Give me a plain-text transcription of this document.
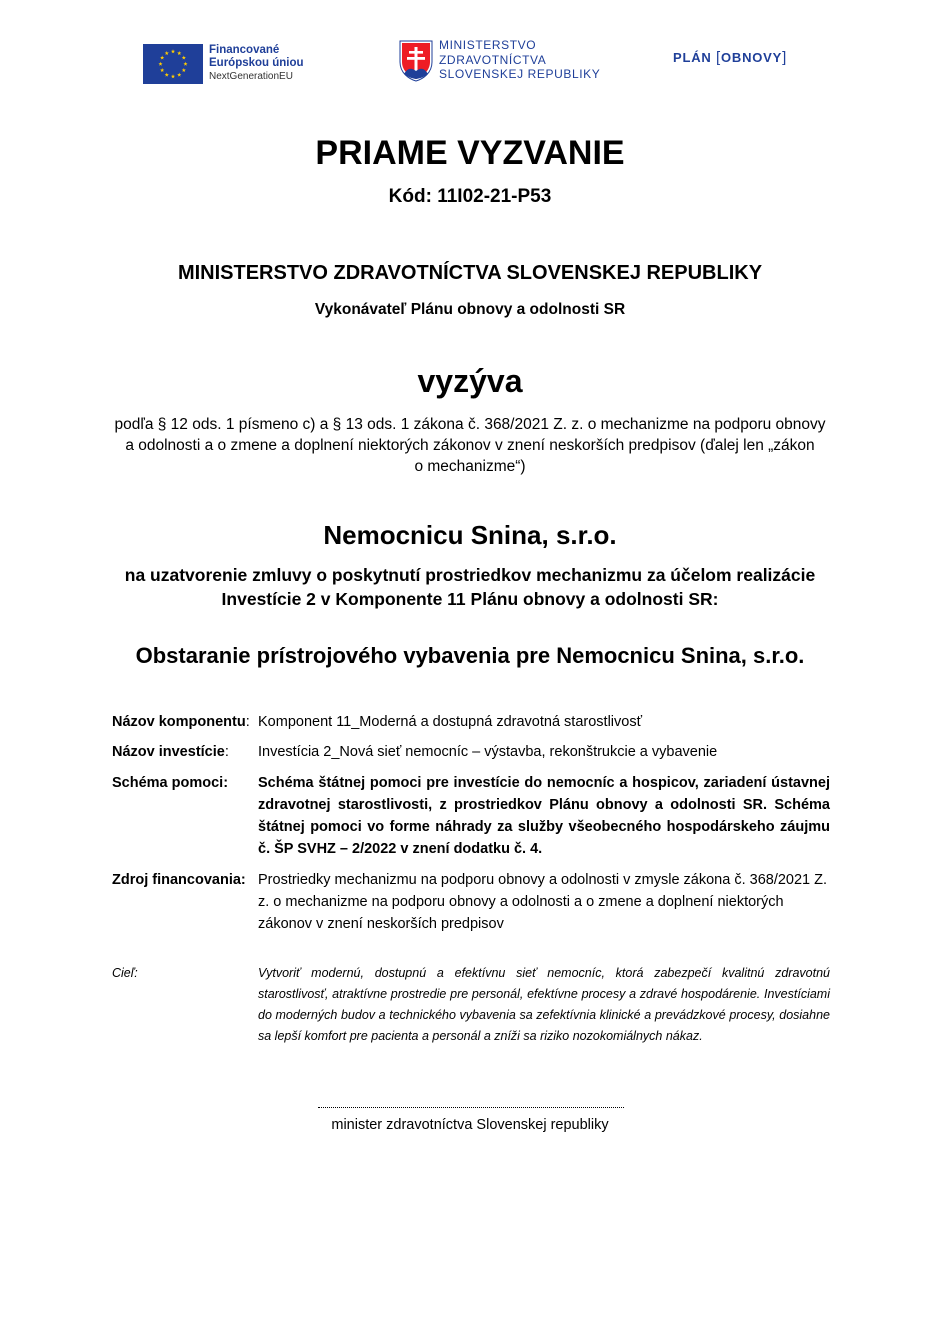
Financované
Európskou úniou
NextGenerationEU
MINISTERSTVO
ZDRAVOTNÍCTVA
SLOVENSKEJ REPUBLIKY
PLÁN [OBNOVY]
PRIAME VYZVANIE
Kód: 11I02-21-P53
MINISTERSTVO ZDRAVOTNÍCTVA SLOVENSKEJ REPUBLIKY
Vykonávateľ Plánu obnovy a odolnosti SR
vyzýva
podľa § 12 ods. 1 písmeno c) a § 13 ods. 1 zákona č. 368/2021 Z. z. o mechanizme na podporu obnovy
a odolnosti a o zmene a doplnení niektorých zákonov v znení neskorších predpisov (ďalej len „zákon
o mechanizme“)
Nemocnicu Snina, s.r.o.
na uzatvorenie zmluvy o poskytnutí prostriedkov mechanizmu za účelom realizácie
Investície 2 v Komponente 11 Plánu obnovy a odolnosti SR:
Obstaranie prístrojového vybavenia pre Nemocnicu Snina, s.r.o.
Názov komponentu: Komponent 11_Moderná a dostupná zdravotná starostlivosť
Názov investície: Investícia 2_Nová sieť nemocníc – výstavba, rekonštrukcie a vybavenie
Schéma pomoci: Schéma štátnej pomoci pre investície do nemocníc a hospicov, zariadení ústavnej zdravotnej starostlivosti, z prostriedkov Plánu obnovy a odolnosti SR. Schéma štátnej pomoci vo forme náhrady za služby všeobecného hospodárskeho záujmu č. ŠP SVHZ – 2/2022 v znení dodatku č. 4.
Zdroj financovania: Prostriedky mechanizmu na podporu obnovy a odolnosti v zmysle zákona č. 368/2021 Z. z. o mechanizme na podporu obnovy a odolnosti a o zmene a doplnení niektorých zákonov v znení neskorších predpisov
Cieľ:	Vytvoriť modernú, dostupnú a efektívnu sieť nemocníc, ktorá zabezpečí kvalitnú zdravotnú starostlivosť, atraktívne prostredie pre personál, efektívne procesy a zdravé hospodárenie. Investíciami do moderných budov a technického vybavenia sa zefektívnia klinické a prevádzkové procesy, dosiahne sa lepší komfort pre pacienta a personál a zníži sa riziko nozokomiálnych nákaz.
minister zdravotníctva Slovenskej republiky
